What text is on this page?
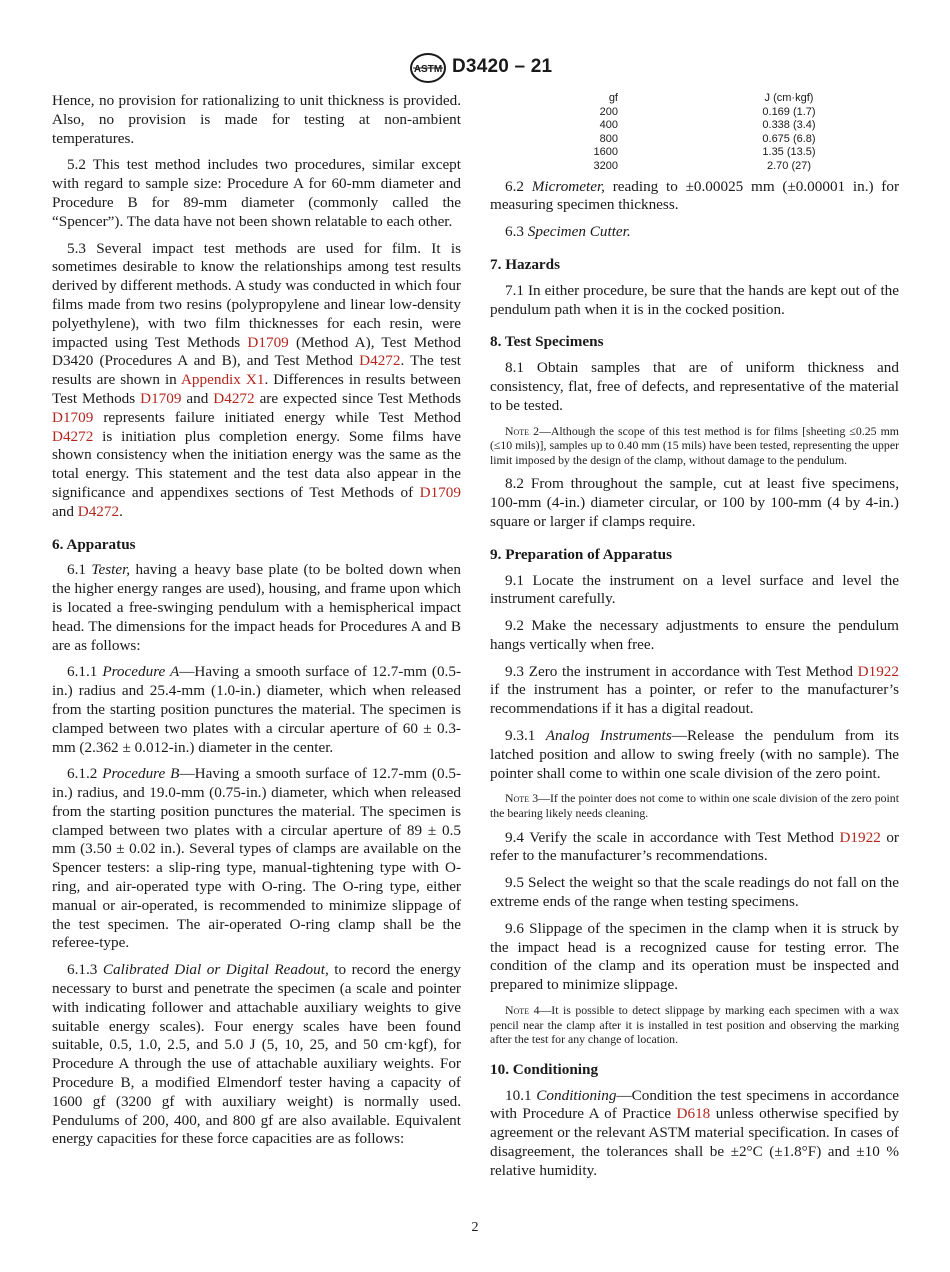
ASTM D3420 – 21

Hence, no provision for rationalizing to unit thickness is provided. Also, no provision is made for testing at non-ambient temperatures.

5.2 This test method includes two procedures, similar except with regard to sample size: Procedure A for 60-mm diameter and Procedure B for 89-mm diameter (commonly called the “Spencer”). The data have not been shown relatable to each other.

5.3 Several impact test methods are used for film. It is sometimes desirable to know the relationships among test results derived by different methods. A study was conducted in which four films made from two resins (polypropylene and linear low-density polyethylene), with two film thicknesses for each resin, were impacted using Test Methods D1709 (Method A), Test Method D3420 (Procedures A and B), and Test Method D4272. The test results are shown in Appendix X1. Differences in results between Test Methods D1709 and D4272 are expected since Test Methods D1709 represents failure initiated energy while Test Method D4272 is initiation plus completion energy. Some films have shown consistency when the initiation energy was the same as the total energy. This statement and the test data also appear in the significance and appendixes sections of Test Methods of D1709 and D4272.

6. Apparatus

6.1 Tester, having a heavy base plate (to be bolted down when the higher energy ranges are used), housing, and frame upon which is located a free-swinging pendulum with a hemispherical impact head. The dimensions for the impact heads for Procedures A and B are as follows:

6.1.1 Procedure A—Having a smooth surface of 12.7-mm (0.5-in.) radius and 25.4-mm (1.0-in.) diameter, which when released from the starting position punctures the material. The specimen is clamped between two plates with a circular aperture of 60 ± 0.3-mm (2.362 ± 0.012-in.) diameter in the center.

6.1.2 Procedure B—Having a smooth surface of 12.7-mm (0.5-in.) radius, and 19.0-mm (0.75-in.) diameter, which when released from the starting position punctures the material. The specimen is clamped between two plates with a circular aperture of 89 ± 0.5 mm (3.50 ± 0.02 in.). Several types of clamps are available on the Spencer testers: a slip-ring type, manual-tightening type with O-ring, and air-operated type with O-ring. The O-ring type, either manual or air-operated, is recommended to minimize slippage of the test specimen. The air-operated O-ring clamp shall be the referee-type.

6.1.3 Calibrated Dial or Digital Readout, to record the energy necessary to burst and penetrate the specimen (a scale and pointer with indicating follower and attachable auxiliary weights to give suitable energy scales). Four energy scales have been found suitable, 0.5, 1.0, 2.5, and 5.0 J (5, 10, 25, and 50 cm·kgf), for Procedure A through the use of attachable auxiliary weights. For Procedure B, a modified Elmendorf tester having a capacity of 1600 gf (3200 gf with auxiliary weight) is normally used. Pendulums of 200, 400, and 800 gf are also available. Equivalent energy capacities for these force capacities are as follows:

gf	J (cm·kgf)
200	0.169 (1.7)
400	0.338 (3.4)
800	0.675 (6.8)
1600	1.35 (13.5)
3200	2.70 (27)

6.2 Micrometer, reading to ±0.00025 mm (±0.00001 in.) for measuring specimen thickness.

6.3 Specimen Cutter.

7. Hazards

7.1 In either procedure, be sure that the hands are kept out of the pendulum path when it is in the cocked position.

8. Test Specimens

8.1 Obtain samples that are of uniform thickness and consistency, flat, free of defects, and representative of the material to be tested.

Note 2—Although the scope of this test method is for films [sheeting ≤0.25 mm (≤10 mils)], samples up to 0.40 mm (15 mils) have been tested, representing the upper limit imposed by the design of the clamp, without damage to the pendulum.

8.2 From throughout the sample, cut at least five specimens, 100-mm (4-in.) diameter circular, or 100 by 100-mm (4 by 4-in.) square or larger if clamps require.

9. Preparation of Apparatus

9.1 Locate the instrument on a level surface and level the instrument carefully.

9.2 Make the necessary adjustments to ensure the pendulum hangs vertically when free.

9.3 Zero the instrument in accordance with Test Method D1922 if the instrument has a pointer, or refer to the manufacturer’s recommendations if it has a digital readout.

9.3.1 Analog Instruments—Release the pendulum from its latched position and allow to swing freely (with no sample). The pointer shall come to within one scale division of the zero point.

Note 3—If the pointer does not come to within one scale division of the zero point the bearing likely needs cleaning.

9.4 Verify the scale in accordance with Test Method D1922 or refer to the manufacturer’s recommendations.

9.5 Select the weight so that the scale readings do not fall on the extreme ends of the range when testing specimens.

9.6 Slippage of the specimen in the clamp when it is struck by the impact head is a recognized cause for testing error. The condition of the clamp and its operation must be inspected and prepared to minimize slippage.

Note 4—It is possible to detect slippage by marking each specimen with a wax pencil near the clamp after it is installed in test position and observing the marking after the test for any change of location.
10. Conditioning

10.1 Conditioning—Condition the test specimens in accordance with Procedure A of Practice D618 unless otherwise specified by agreement or the relevant ASTM material specification. In cases of disagreement, the tolerances shall be ±2°C (±1.8°F) and ±10 % relative humidity.

2
